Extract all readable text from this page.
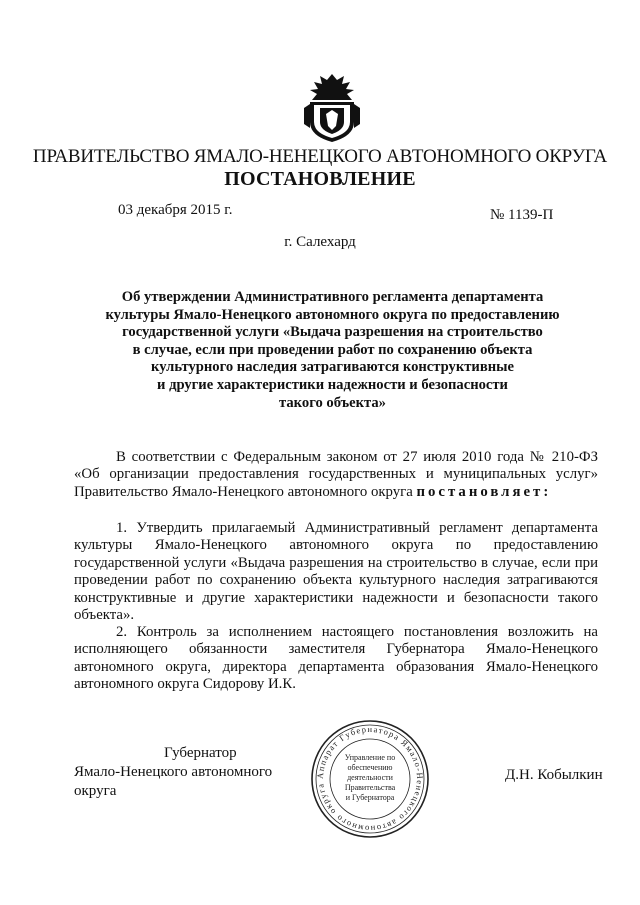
ПРАВИТЕЛЬСТВО ЯМАЛО-НЕНЕЦКОГО АВТОНОМНОГО ОКРУГА
ПОСТАНОВЛЕНИЕ
03 декабря 2015 г.	№ 1139-П
г. Салехард
Об утверждении Административного регламента департамента
культуры Ямало-Ненецкого автономного округа по предоставлению
государственной услуги «Выдача разрешения на строительство
в случае, если при проведении работ по сохранению объекта
культурного наследия затрагиваются конструктивные
и другие характеристики надежности и безопасности
такого объекта»
В соответствии с Федеральным законом от 27 июля 2010 года № 210-ФЗ «Об организации предоставления государственных и муниципальных услуг» Правительство Ямало-Ненецкого автономного округа постановляет:
1. Утвердить прилагаемый Административный регламент департамента культуры Ямало-Ненецкого автономного округа по предоставлению государственной услуги «Выдача разрешения на строительство в случае, если при проведении работ по сохранению объекта культурного наследия затрагиваются конструктивные и другие характеристики надежности и безопасности такого объекта».
2. Контроль за исполнением настоящего постановления возложить на исполняющего обязанности заместителя Губернатора Ямало-Ненецкого автономного округа, директора департамента образования Ямало-Ненецкого автономного округа Сидорову И.К.
Губернатор
Ямало-Ненецкого автономного округа
Д.Н. Кобылкин
Аппарат Губернатора Ямало-Ненецкого автономного округа
Управление по
обеспечению
деятельности
Правительства
и Губернатора
